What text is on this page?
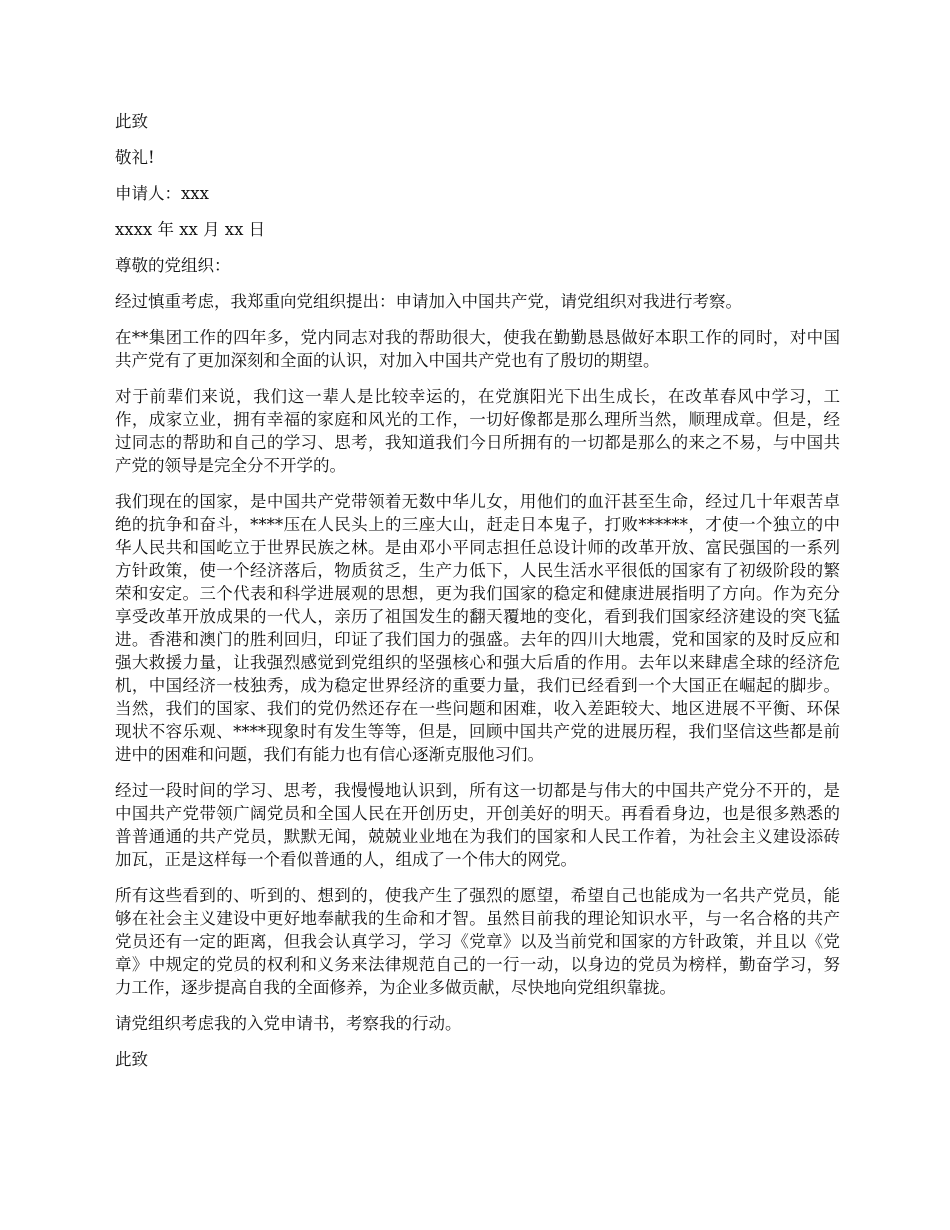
此致

敬礼!

申请人：xxx

xxxx 年 xx 月 xx 日

尊敬的党组织：

经过慎重考虑，我郑重向党组织提出：申请加入中国共产党，请党组织对我进行考察。

在**集团工作的四年多，党内同志对我的帮助很大，使我在勤勤恳恳做好本职工作的同时，对中国共产党有了更加深刻和全面的认识，对加入中国共产党也有了殷切的期望。

对于前辈们来说，我们这一辈人是比较幸运的，在党旗阳光下出生成长，在改革春风中学习，工作，成家立业，拥有幸福的家庭和风光的工作，一切好像都是那么理所当然，顺理成章。但是，经过同志的帮助和自己的学习、思考，我知道我们今日所拥有的一切都是那么的来之不易，与中国共产党的领导是完全分不开学的。

我们现在的国家，是中国共产党带领着无数中华儿女，用他们的血汗甚至生命，经过几十年艰苦卓绝的抗争和奋斗，****压在人民头上的三座大山，赶走日本鬼子，打败******，才使一个独立的中华人民共和国屹立于世界民族之林。是由邓小平同志担任总设计师的改革开放、富民强国的一系列方针政策，使一个经济落后，物质贫乏，生产力低下，人民生活水平很低的国家有了初级阶段的繁荣和安定。三个代表和科学进展观的思想，更为我们国家的稳定和健康进展指明了方向。作为充分享受改革开放成果的一代人，亲历了祖国发生的翻天覆地的变化，看到我们国家经济建设的突飞猛进。香港和澳门的胜利回归，印证了我们国力的强盛。去年的四川大地震，党和国家的及时反应和强大救援力量，让我强烈感觉到党组织的坚强核心和强大后盾的作用。去年以来肆虐全球的经济危机，中国经济一枝独秀，成为稳定世界经济的重要力量，我们已经看到一个大国正在崛起的脚步。当然，我们的国家、我们的党仍然还存在一些问题和困难，收入差距较大、地区进展不平衡、环保现状不容乐观、****现象时有发生等等，但是，回顾中国共产党的进展历程，我们坚信这些都是前进中的困难和问题，我们有能力也有信心逐渐克服他习们。

经过一段时间的学习、思考，我慢慢地认识到，所有这一切都是与伟大的中国共产党分不开的，是中国共产党带领广阔党员和全国人民在开创历史，开创美好的明天。再看看身边，也是很多熟悉的普普通通的共产党员，默默无闻，兢兢业业地在为我们的国家和人民工作着，为社会主义建设添砖加瓦，正是这样每一个看似普通的人，组成了一个伟大的网党。

所有这些看到的、听到的、想到的，使我产生了强烈的愿望，希望自己也能成为一名共产党员，能够在社会主义建设中更好地奉献我的生命和才智。虽然目前我的理论知识水平，与一名合格的共产党员还有一定的距离，但我会认真学习，学习《党章》以及当前党和国家的方针政策，并且以《党章》中规定的党员的权利和义务来法律规范自己的一行一动，以身边的党员为榜样，勤奋学习，努力工作，逐步提高自我的全面修养，为企业多做贡献，尽快地向党组织靠拢。

请党组织考虑我的入党申请书，考察我的行动。

此致
